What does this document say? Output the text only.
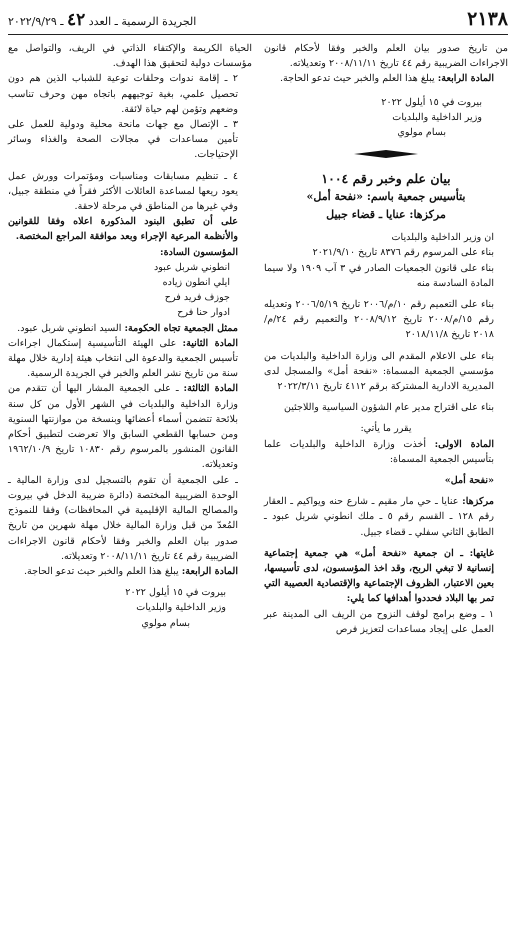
٢١٣٨
الجريدة الرسمية ـ العدد ٤٢ ـ ٢٠٢٢/٩/٢٩

من تاريخ صدور بيان العلم والخبر وفقا لأحكام قانون الاجراءات الضريبية رقم ٤٤ تاريخ ٢٠٠٨/١١/١١ وتعديلاته.

المادة الرابعة: يبلغ هذا العلم والخبر حيث تدعو الحاجة.

بيروت في ١٥ أيلول ٢٠٢٢
وزير الداخلية والبلديات
بسام مولوي
بيان علم وخبر رقم ١٠٠٤
بتأسيس جمعية باسم: «نفحة أمل»
مركزها: عنايا ـ قضاء جبيل

ان وزير الداخلية والبلديات

بناء على المرسوم رقم ٨٣٧٦ تاريخ ٢٠٢١/٩/١٠

بناء على قانون الجمعيات الصادر في ٣ آب ١٩٠٩ ولا سيما المادة السادسة منه

بناء على التعميم رقم ١٠/م/٢٠٠٦ تاريخ ٢٠٠٦/٥/١٩ وتعديله رقم ١٥/م/٢٠٠٨ تاريخ ٢٠٠٨/٩/١٢ والتعميم رقم ٢٤/م/٢٠١٨ تاريخ ٢٠١٨/١١/٨

بناء على الاعلام المقدم الى وزارة الداخلية والبلديات من مؤسسي الجمعية المسماة: «نفحة أمل» والمسجل لدى المديرية الادارية المشتركة برقم ٤١١٢ تاريخ ٢٠٢٢/٣/١١

بناء على اقتراح مدير عام الشؤون السياسية واللاجئين

يقرر ما يأتي:

المادة الاولى: أخذت وزارة الداخلية والبلديات علما بتأسيس الجمعية المسماة:

«نفحة أمل»

مركزها: عنايا ـ حي مار مقيم ـ شارع حنه ويواكيم ـ العقار رقم ١٢٨ ـ القسم رقم ٥ ـ ملك انطوني شربل عبود ـ الطابق الثاني سفلي ـ قضاء جبيل.

غايتها: ـ ان جمعية «نفحة أمل» هي جمعية إجتماعية إنسانية لا تبغي الربح، وقد اخذ المؤسسون، لدى تأسيسها، بعين الاعتبار، الظروف الإجتماعية والإقتصادية العصيبة التي تمر بها البلاد فحددوا أهدافها كما يلي:

١ ـ وضع برامج لوقف النزوح من الريف الى المدينة عبر العمل على إيجاد مساعدات لتعزيز فرص

الحياة الكريمة والإكتفاء الذاتي في الريف، والتواصل مع مؤسسات دولية لتحقيق هذا الهدف.

٢ ـ إقامة ندوات وحلقات توعية للشباب الذين هم دون تحصيل علمي، بغية توجيههم باتجاه مهن وحرف تناسب وضعهم وتؤمن لهم حياة لائقة.

٣ ـ الإتصال مع جهات مانحة محلية ودولية للعمل على تأمين مساعدات في مجالات الصحة والغذاء وسائر الإحتياجات.

٤ ـ تنظيم مسابقات ومناسبات ومؤتمرات وورش عمل يعود ريعها لمساعدة العائلات الأكثر فقراً في منطقة جبيل، وفي غيرها من المناطق في مرحلة لاحقة.

على أن تطبق البنود المذكورة اعلاه وفقا للقوانين والأنظمة المرعية الإجراء وبعد موافقة المراجع المختصة.

المؤسسون السادة:

انطوني شربل عبود
ايلي انطون زياده
جوزف فريد فرح
ادوار حنا فرح

ممثل الجمعية تجاه الحكومة: السيد انطوني شربل عبود.

المادة الثانية: على الهيئة التأسيسية إستكمال اجراءات تأسيس الجمعية والدعوة الى انتخاب هيئة إدارية خلال مهلة سنة من تاريخ نشر العلم والخبر في الجريدة الرسمية.

المادة الثالثة: ـ على الجمعية المشار اليها أن تتقدم من وزارة الداخلية والبلديات في الشهر الأول من كل سنة بلائحة تتضمن أسماء أعضائها وبنسخة من موازنتها السنوية ومن حسابها القطعي السابق والا تعرضت لتطبيق أحكام القانون المنشور بالمرسوم رقم ١٠٨٣٠ تاريخ ١٩٦٢/١٠/٩ وتعديلاته.

ـ على الجمعية أن تقوم بالتسجيل لدى وزارة المالية ـ الوحدة الضريبية المختصة (دائرة ضريبة الدخل في بيروت والمصالح المالية الإقليمية في المحافظات) وفقا للنموذج المُعدّ من قبل وزارة المالية خلال مهلة شهرين من تاريخ صدور بيان العلم والخبر وفقا لأحكام قانون الاجراءات الضريبية رقم ٤٤ تاريخ ٢٠٠٨/١١/١١ وتعديلاته.

المادة الرابعة: يبلغ هذا العلم والخبر حيث تدعو الحاجة.

بيروت في ١٥ أيلول ٢٠٢٢
وزير الداخلية والبلديات
بسام مولوي
